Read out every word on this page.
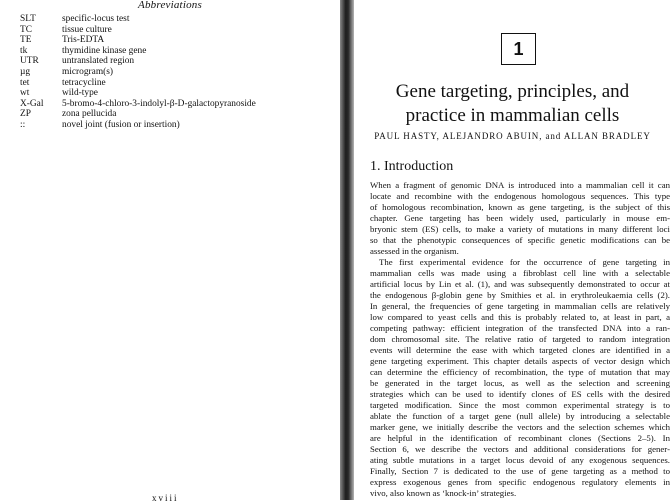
Abbreviations
SLT	specific-locus test
TC	tissue culture
TE	Tris-EDTA
tk	thymidine kinase gene
UTR	untranslated region
µg	microgram(s)
tet	tetracycline
wt	wild-type
X-Gal	5-bromo-4-chloro-3-indolyl-β-D-galactopyranoside
ZP	zona pellucida
::	novel joint (fusion or insertion)
xviii
1
Gene targeting, principles, and
practice in mammalian cells
PAUL HASTY, ALEJANDRO ABUIN, and ALLAN BRADLEY
1. Introduction
When a fragment of genomic DNA is introduced into a mammalian cell it can
locate and recombine with the endogenous homologous sequences. This type
of homologous recombination, known as gene targeting, is the subject of this
chapter. Gene targeting has been widely used, particularly in mouse em-
bryonic stem (ES) cells, to make a variety of mutations in many different loci
so that the phenotypic consequences of specific genetic modifications can be
assessed in the organism.
The first experimental evidence for the occurrence of gene targeting in
mammalian cells was made using a fibroblast cell line with a selectable
artificial locus by Lin et al. (1), and was subsequently demonstrated to occur at
the endogenous β-globin gene by Smithies et al. in erythroleukaemia cells (2).
In general, the frequencies of gene targeting in mammalian cells are relatively
low compared to yeast cells and this is probably related to, at least in part, a
competing pathway: efficient integration of the transfected DNA into a ran-
dom chromosomal site. The relative ratio of targeted to random integration
events will determine the ease with which targeted clones are identified in a
gene targeting experiment. This chapter details aspects of vector design which
can determine the efficiency of recombination, the type of mutation that may
be generated in the target locus, as well as the selection and screening
strategies which can be used to identify clones of ES cells with the desired
targeted modification. Since the most common experimental strategy is to
ablate the function of a target gene (null allele) by introducing a selectable
marker gene, we initially describe the vectors and the selection schemes which
are helpful in the identification of recombinant clones (Sections 2–5). In
Section 6, we describe the vectors and additional considerations for gener-
ating subtle mutations in a target locus devoid of any exogenous sequences.
Finally, Section 7 is dedicated to the use of gene targeting as a method to
express exogenous genes from specific endogenous regulatory elements in
vivo, also known as ‘knock-in’ strategies.
